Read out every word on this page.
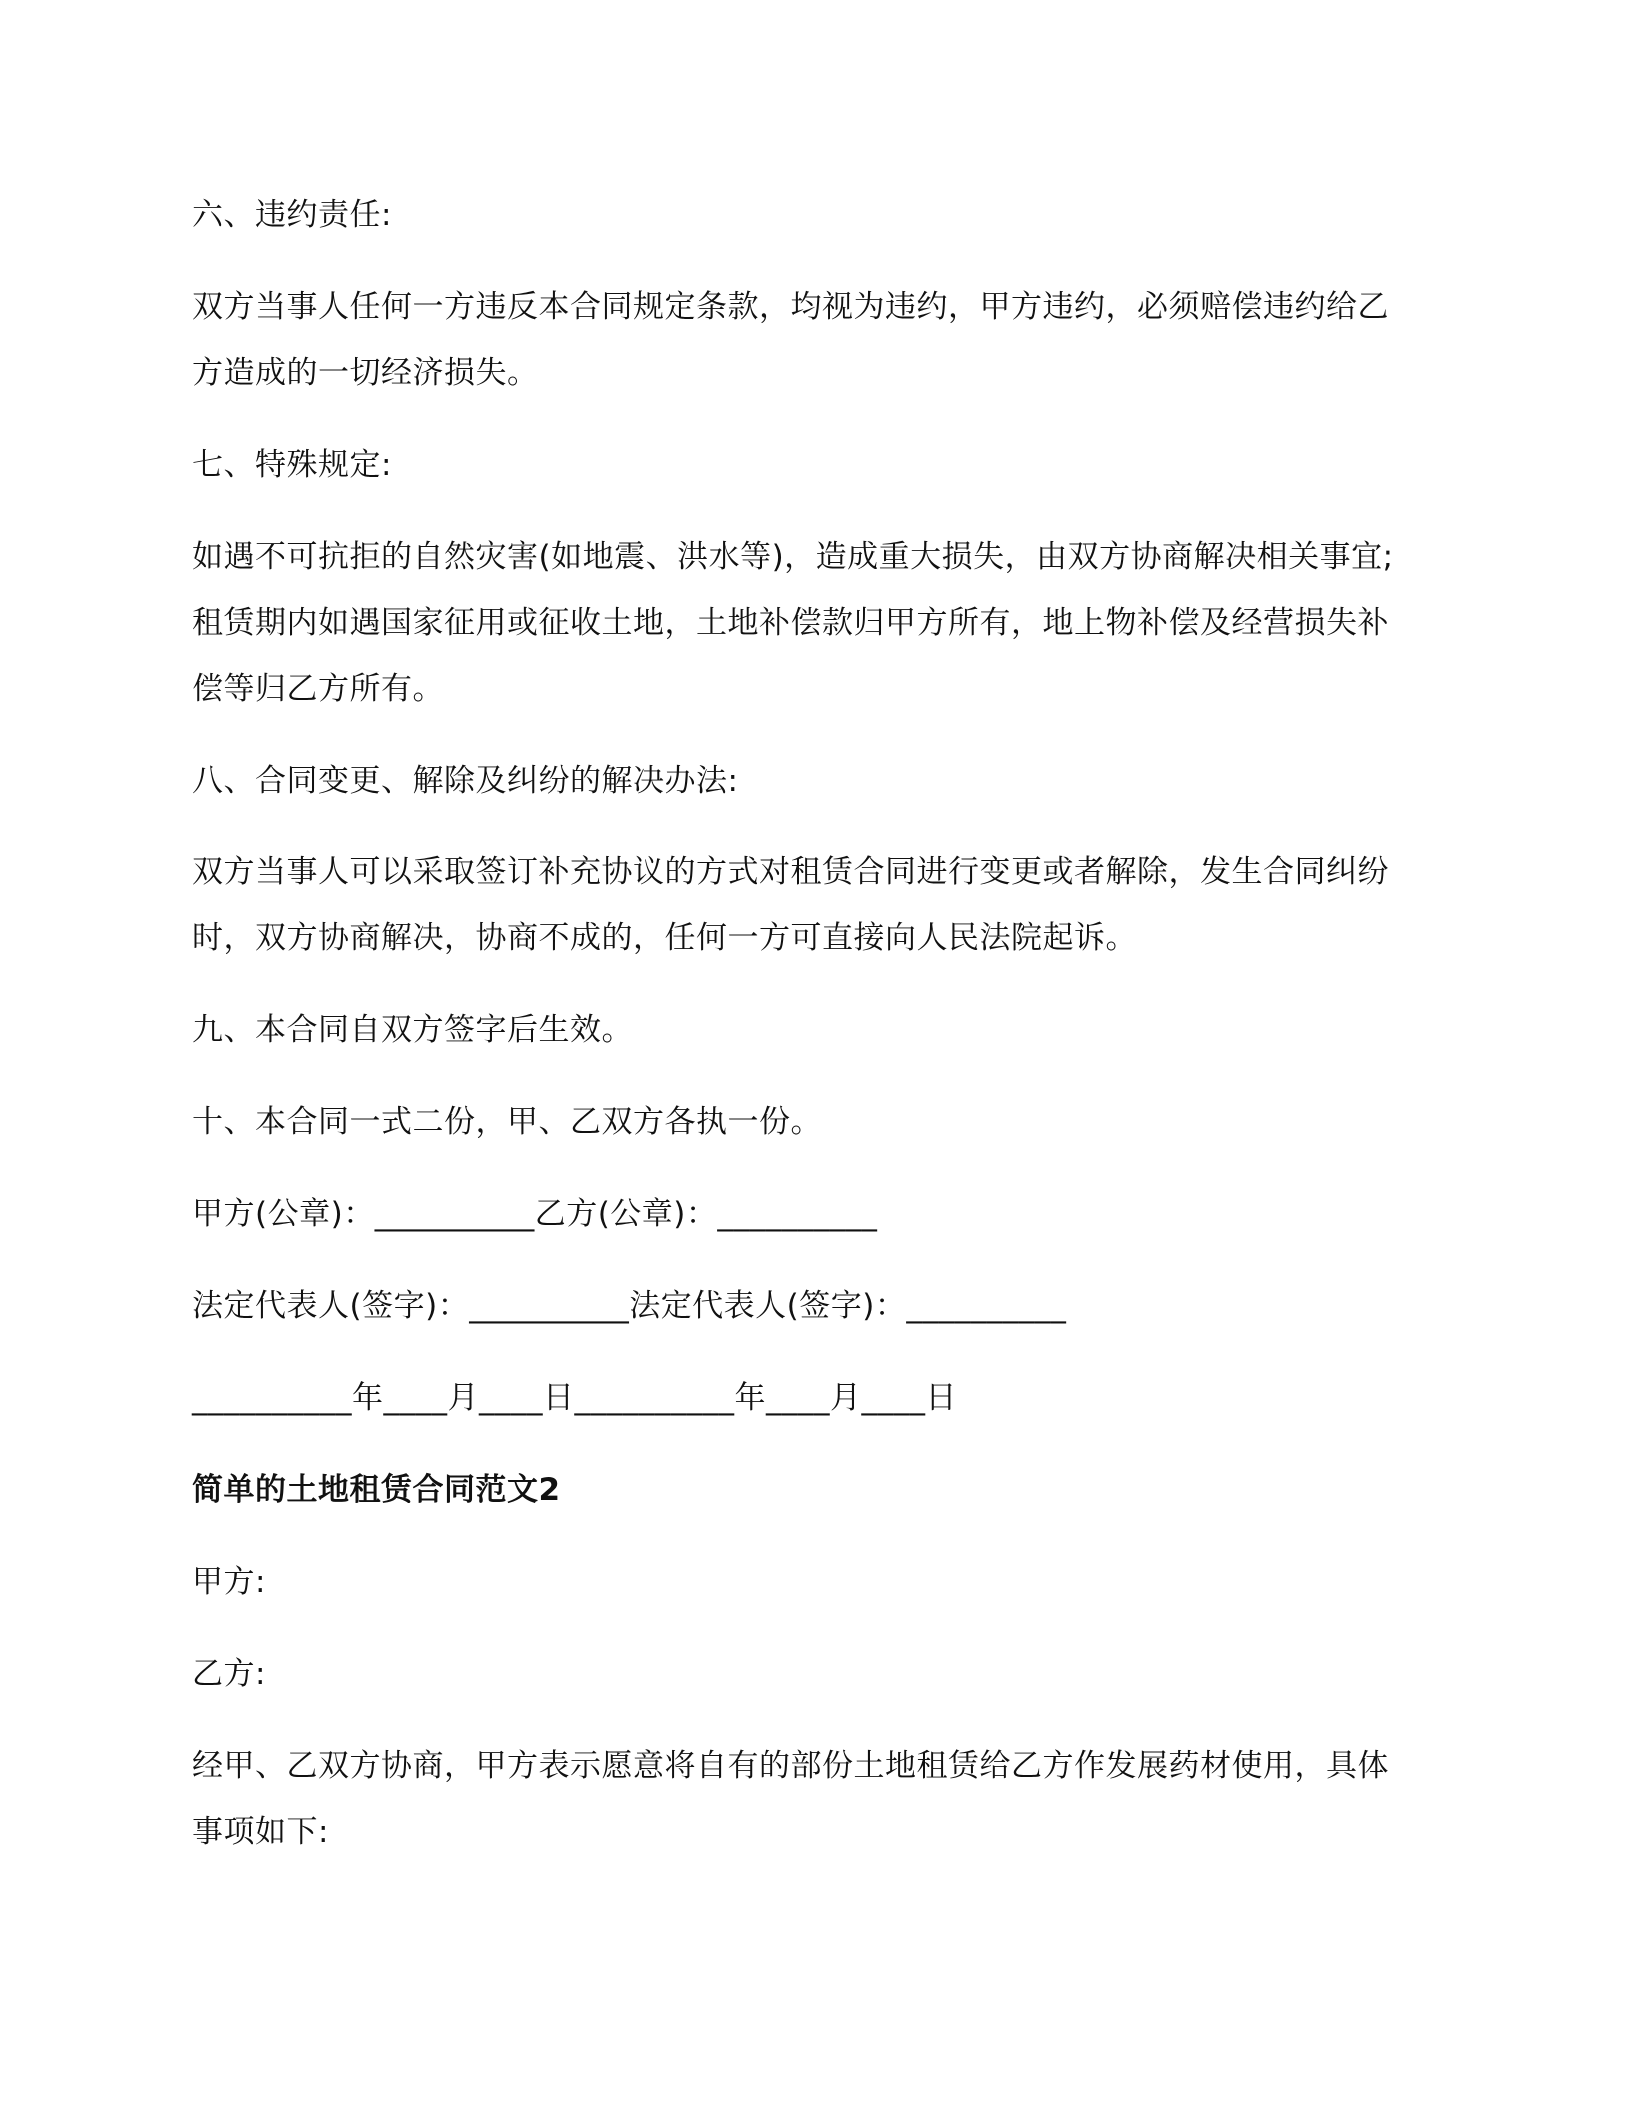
六、违约责任:
双方当事人任何一方违反本合同规定条款，均视为违约，甲方违约，必须赔偿违约给乙
方造成的一切经济损失。
七、特殊规定:
如遇不可抗拒的自然灾害(如地震、洪水等)，造成重大损失，由双方协商解决相关事宜;
租赁期内如遇国家征用或征收土地，土地补偿款归甲方所有，地上物补偿及经营损失补
偿等归乙方所有。
八、合同变更、解除及纠纷的解决办法:
双方当事人可以采取签订补充协议的方式对租赁合同进行变更或者解除，发生合同纠纷
时，双方协商解决，协商不成的，任何一方可直接向人民法院起诉。
九、本合同自双方签字后生效。
十、本合同一式二份，甲、乙双方各执一份。
甲方(公章)：__________乙方(公章)：__________
法定代表人(签字)：__________法定代表人(签字)：__________
__________年____月____日__________年____月____日
简单的土地租赁合同范文2
甲方:
乙方:
经甲、乙双方协商，甲方表示愿意将自有的部份土地租赁给乙方作发展药材使用，具体
事项如下:
